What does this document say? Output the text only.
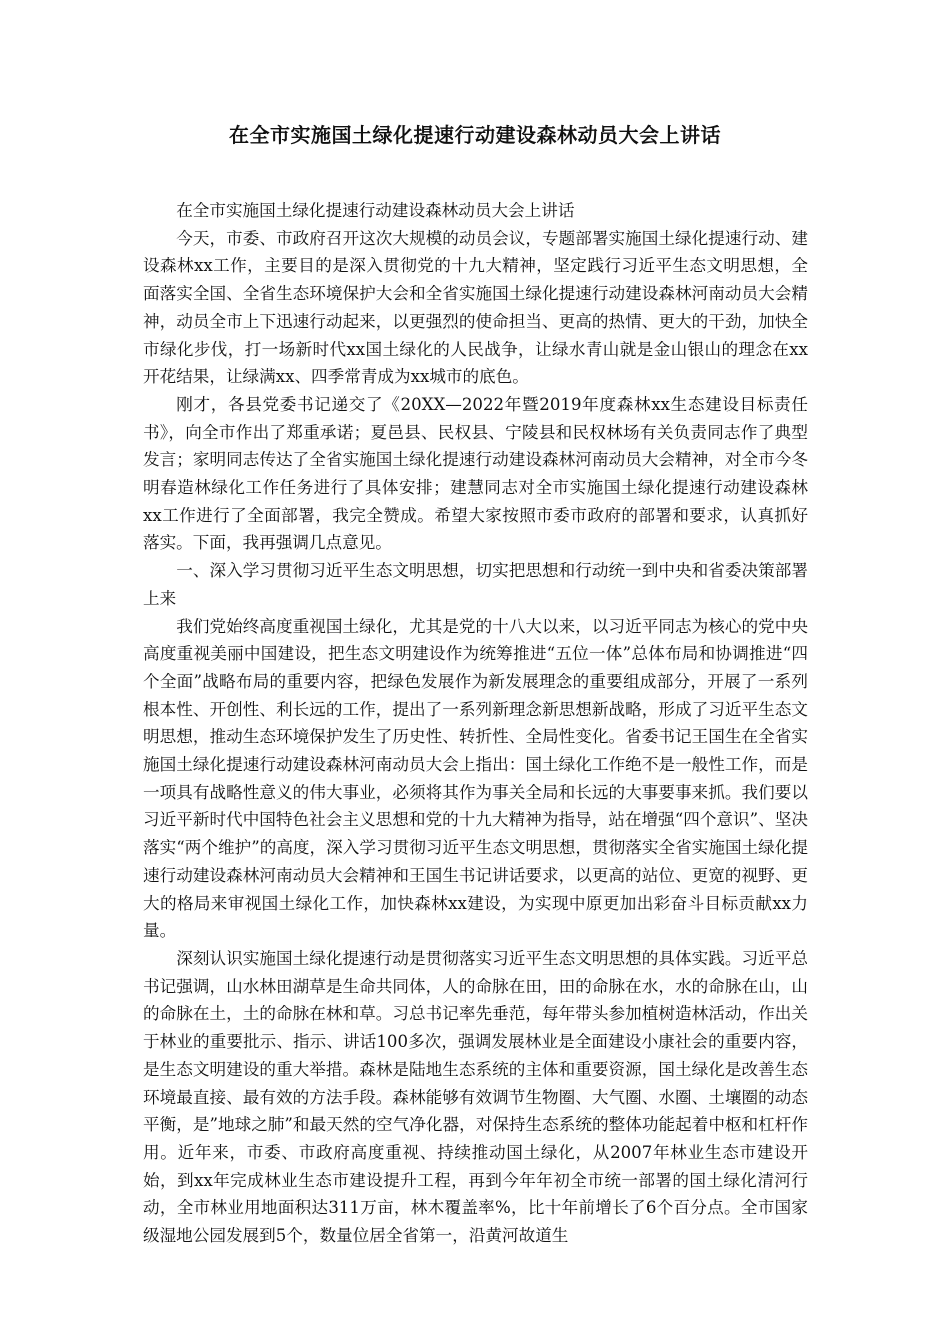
在全市实施国土绿化提速行动建设森林动员大会上讲话

在全市实施国土绿化提速行动建设森林动员大会上讲话

今天，市委、市政府召开这次大规模的动员会议，专题部署实施国土绿化提速行动、建设森林xx工作，主要目的是深入贯彻党的十九大精神，坚定践行习近平生态文明思想，全面落实全国、全省生态环境保护大会和全省实施国土绿化提速行动建设森林河南动员大会精神，动员全市上下迅速行动起来，以更强烈的使命担当、更高的热情、更大的干劲，加快全市绿化步伐，打一场新时代xx国土绿化的人民战争，让绿水青山就是金山银山的理念在xx开花结果，让绿满xx、四季常青成为xx城市的底色。

刚才，各县党委书记递交了《20XX—2022年暨2019年度森林xx生态建设目标责任书》，向全市作出了郑重承诺；夏邑县、民权县、宁陵县和民权林场有关负责同志作了典型发言；家明同志传达了全省实施国土绿化提速行动建设森林河南动员大会精神，对全市今冬明春造林绿化工作任务进行了具体安排；建慧同志对全市实施国土绿化提速行动建设森林xx工作进行了全面部署，我完全赞成。希望大家按照市委市政府的部署和要求，认真抓好落实。下面，我再强调几点意见。

一、深入学习贯彻习近平生态文明思想，切实把思想和行动统一到中央和省委决策部署上来

我们党始终高度重视国土绿化，尤其是党的十八大以来，以习近平同志为核心的党中央高度重视美丽中国建设，把生态文明建设作为统筹推进“五位一体”总体布局和协调推进“四个全面”战略布局的重要内容，把绿色发展作为新发展理念的重要组成部分，开展了一系列根本性、开创性、利长远的工作，提出了一系列新理念新思想新战略，形成了习近平生态文明思想，推动生态环境保护发生了历史性、转折性、全局性变化。省委书记王国生在全省实施国土绿化提速行动建设森林河南动员大会上指出：国土绿化工作绝不是一般性工作，而是一项具有战略性意义的伟大事业，必须将其作为事关全局和长远的大事要事来抓。我们要以习近平新时代中国特色社会主义思想和党的十九大精神为指导，站在增强“四个意识”、坚决落实“两个维护”的高度，深入学习贯彻习近平生态文明思想，贯彻落实全省实施国土绿化提速行动建设森林河南动员大会精神和王国生书记讲话要求，以更高的站位、更宽的视野、更大的格局来审视国土绿化工作，加快森林xx建设，为实现中原更加出彩奋斗目标贡献xx力量。

深刻认识实施国土绿化提速行动是贯彻落实习近平生态文明思想的具体实践。习近平总书记强调，山水林田湖草是生命共同体，人的命脉在田，田的命脉在水，水的命脉在山，山的命脉在土，土的命脉在林和草。习总书记率先垂范，每年带头参加植树造林活动，作出关于林业的重要批示、指示、讲话100多次，强调发展林业是全面建设小康社会的重要内容，是生态文明建设的重大举措。森林是陆地生态系统的主体和重要资源，国土绿化是改善生态环境最直接、最有效的方法手段。森林能够有效调节生物圈、大气圈、水圈、土壤圈的动态平衡，是”地球之肺”和最天然的空气净化器，对保持生态系统的整体功能起着中枢和杠杆作用。近年来，市委、市政府高度重视、持续推动国土绿化，从2007年林业生态市建设开始，到xx年完成林业生态市建设提升工程，再到今年年初全市统一部署的国土绿化清河行动，全市林业用地面积达311万亩，林木覆盖率%，比十年前增长了6个百分点。全市国家级湿地公园发展到5个，数量位居全省第一，沿黄河故道生
